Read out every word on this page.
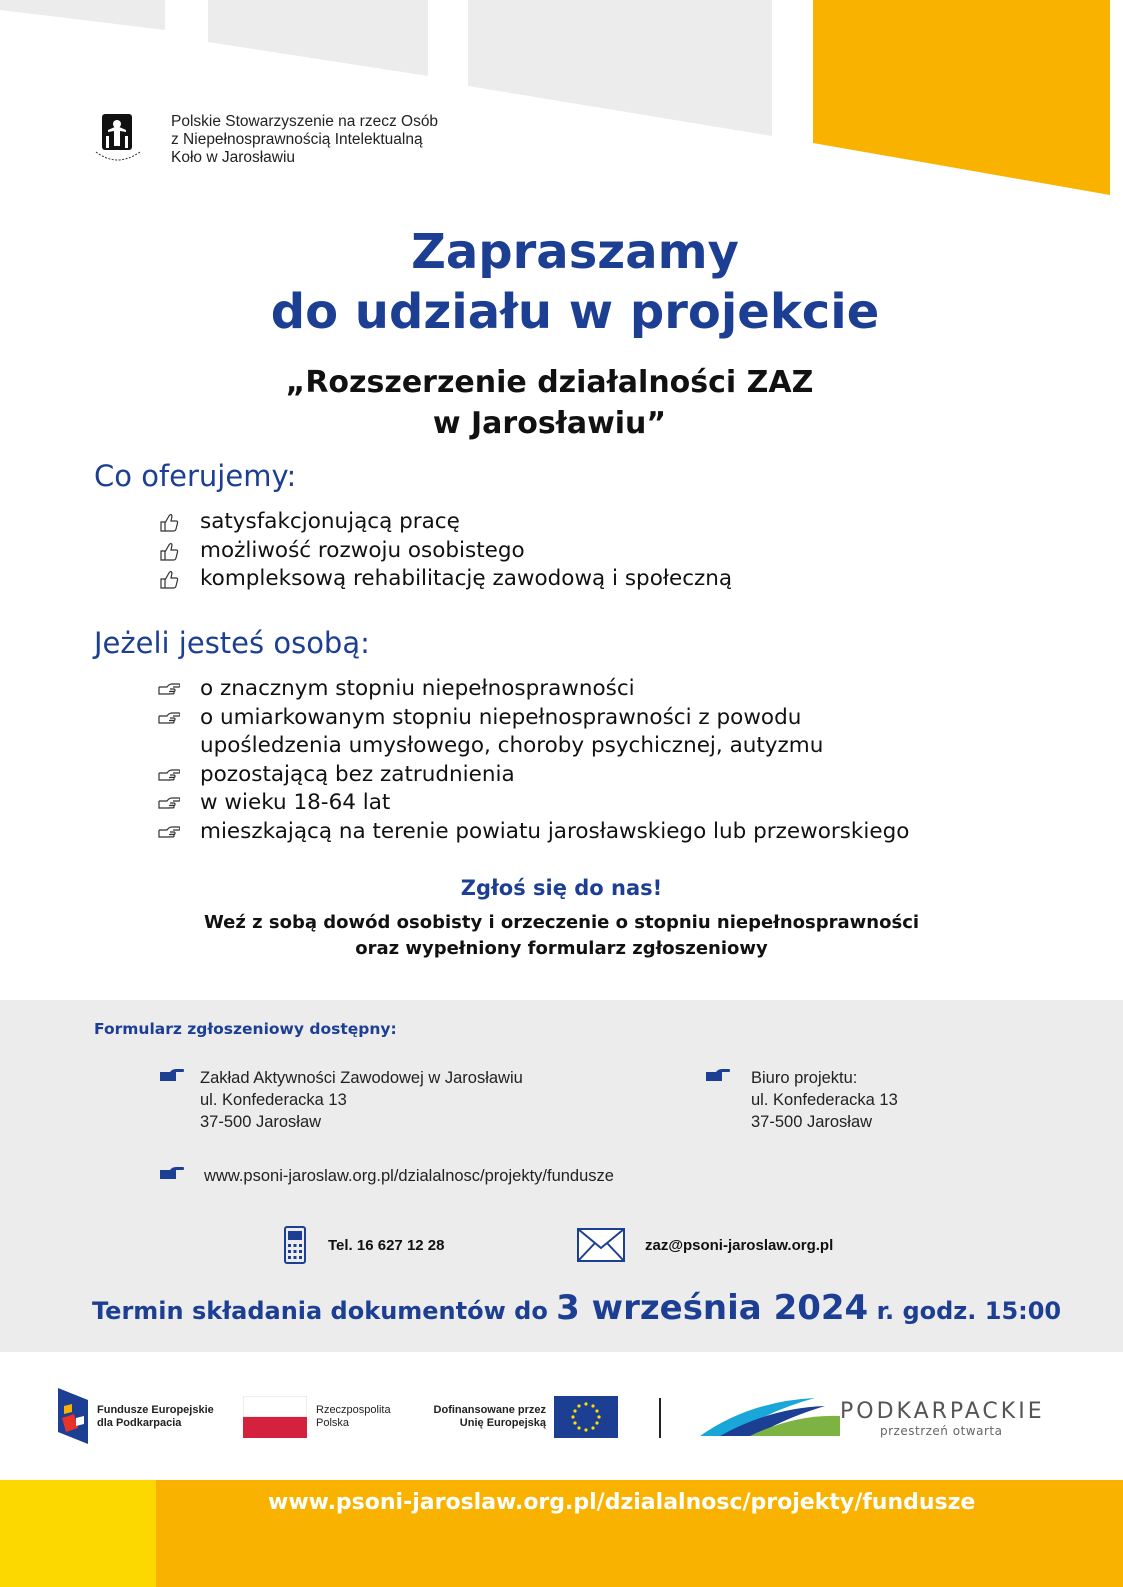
Polskie Stowarzyszenie na rzecz Osób
z Niepełnosprawnością Intelektualną
Koło w Jarosławiu
Zapraszamy
do udziału w projekcie
„Rozszerzenie działalności ZAZ
w Jarosławiu”
Co oferujemy:
satysfakcjonującą pracę
możliwość rozwoju osobistego
kompleksową rehabilitację zawodową i społeczną
Jeżeli jesteś osobą:
o znacznym stopniu niepełnosprawności
o umiarkowanym stopniu niepełnosprawności z powodu
upośledzenia umysłowego, choroby psychicznej, autyzmu
pozostającą bez zatrudnienia
w wieku 18-64 lat
mieszkającą na terenie powiatu jarosławskiego lub przeworskiego
Zgłoś się do nas!
Weź z sobą dowód osobisty i orzeczenie o stopniu niepełnosprawności
oraz wypełniony formularz zgłoszeniowy
Formularz zgłoszeniowy dostępny:
Zakład Aktywności Zawodowej w Jarosławiu
ul. Konfederacka 13
37-500 Jarosław
Biuro projektu:
ul. Konfederacka 13
37-500 Jarosław
www.psoni-jaroslaw.org.pl/dzialalnosc/projekty/fundusze
Tel. 16 627 12 28	zaz@psoni-jaroslaw.org.pl
Termin składania dokumentów do 3 września 2024 r. godz. 15:00
Fundusze Europejskie
dla Podkarpacia
Rzeczpospolita
Polska
Dofinansowane przez
Unię Europejską	PODKARPACKIE
przestrzeń otwarta
www.psoni-jaroslaw.org.pl/dzialalnosc/projekty/fundusze
